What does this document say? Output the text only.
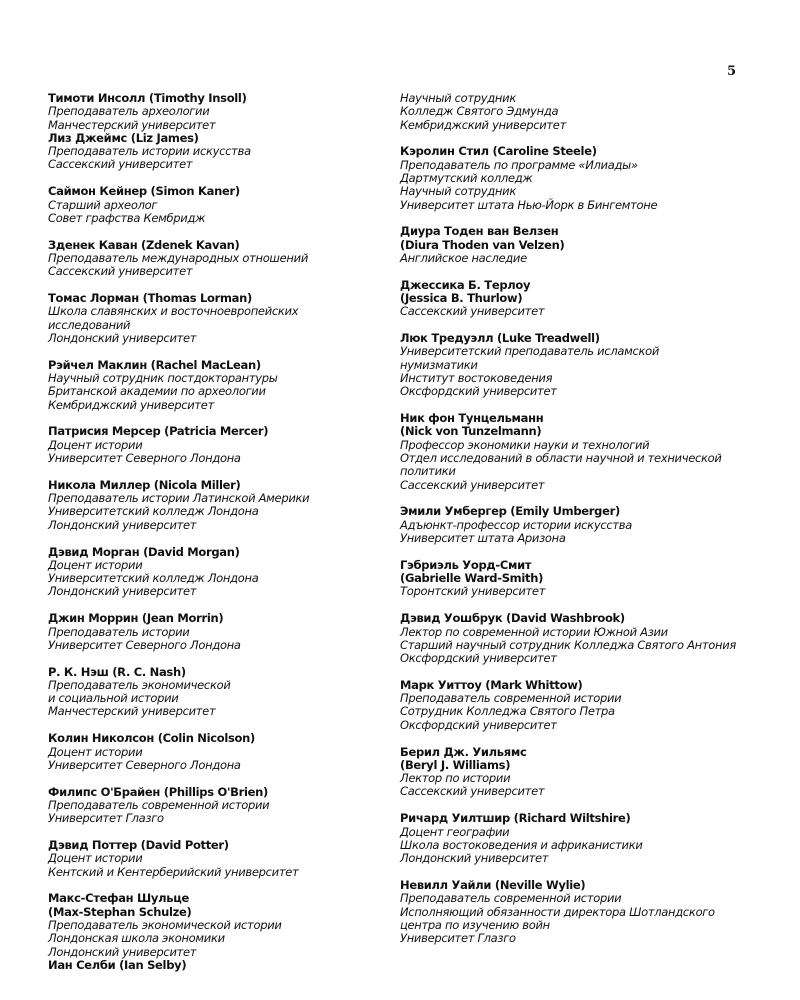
5
Тимоти Инсолл (Timothy Insoll)
Преподаватель археологии
Манчестерский университет
Лиз Джеймс (Liz James)
Преподаватель истории искусства
Сассекский университет
Саймон Кейнер (Simon Kaner)
Старший археолог
Совет графства Кембридж
Зденек Каван (Zdenek Kavan)
Преподаватель международных отношений
Сассекский университет
Томас Лорман (Thomas Lorman)
Школа славянских и восточноевропейских
исследований
Лондонский университет
Рэйчел Маклин (Rachel MacLean)
Научный сотрудник постдокторантуры
Британской академии по археологии
Кембриджский университет
Патрисия Мерсер (Patricia Mercer)
Доцент истории
Университет Северного Лондона
Никола Миллер (Nicola Miller)
Преподаватель истории Латинской Америки
Университетский колледж Лондона
Лондонский университет
Дэвид Морган (David Morgan)
Доцент истории
Университетский колледж Лондона
Лондонский университет
Джин Моррин (Jean Morrin)
Преподаватель истории
Университет Северного Лондона
Р. К. Нэш (R. C. Nash)
Преподаватель экономической
и социальной истории
Манчестерский университет
Колин Николсон (Colin Nicolson)
Доцент истории
Университет Северного Лондона
Филипс О'Брайен (Phillips O'Brien)
Преподаватель современной истории
Университет Глазго
Дэвид Поттер (David Potter)
Доцент истории
Кентский и Кентерберийский университет
Макс-Стефан Шульце
(Max-Stephan Schulze)
Преподаватель экономической истории
Лондонская школа экономики
Лондонский университет
Иан Селби (Ian Selby)
Научный сотрудник
Колледж Святого Эдмунда
Кембриджский университет
Кэролин Стил (Caroline Steele)
Преподаватель по программе «Илиады»
Дартмутский колледж
Научный сотрудник
Университет штата Нью-Йорк в Бингемтоне
Диура Тоден ван Велзен
(Diura Thoden van Velzen)
Английское наследие
Джессика Б. Терлоу
(Jessica B. Thurlow)
Сассекский университет
Люк Тредуэлл (Luke Treadwell)
Университетский преподаватель исламской
нумизматики
Институт востоковедения
Оксфордский университет
Ник фон Тунцельманн
(Nick von Tunzelmann)
Профессор экономики науки и технологий
Отдел исследований в области научной и технической
политики
Сассекский университет
Эмили Умбергер (Emily Umberger)
Адъюнкт-профессор истории искусства
Университет штата Аризона
Гэбриэль Уорд-Смит
(Gabrielle Ward-Smith)
Торонтский университет
Дэвид Уошбрук (David Washbrook)
Лектор по современной истории Южной Азии
Старший научный сотрудник Колледжа Святого Антония
Оксфордский университет
Марк Уиттоу (Mark Whittow)
Преподаватель современной истории
Сотрудник Колледжа Святого Петра
Оксфордский университет
Берил Дж. Уильямс
(Beryl J. Williams)
Лектор по истории
Сассекский университет
Ричард Уилтшир (Richard Wiltshire)
Доцент географии
Школа востоковедения и африканистики
Лондонский университет
Невилл Уайли (Neville Wylie)
Преподаватель современной истории
Исполняющий обязанности директора Шотландского
центра по изучению войн
Университет Глазго
